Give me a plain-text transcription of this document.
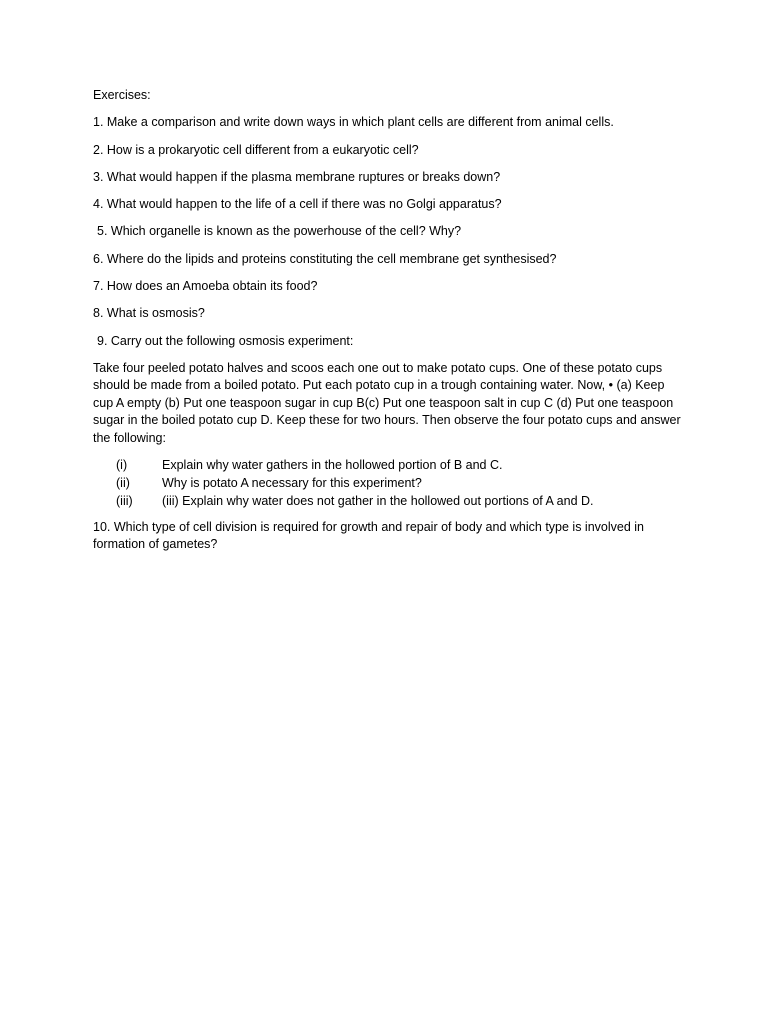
Exercises:

1. Make a comparison and write down ways in which plant cells are different from animal cells.

2. How is a prokaryotic cell different from a eukaryotic cell?

3. What would happen if the plasma membrane ruptures or breaks down?

4. What would happen to the life of a cell if there was no Golgi apparatus?

5. Which organelle is known as the powerhouse of the cell? Why?

6. Where do the lipids and proteins constituting the cell membrane get synthesised?

7. How does an Amoeba obtain its food?

8. What is osmosis?

9. Carry out the following osmosis experiment:

Take four peeled potato halves and scoos each one out to make potato cups. One of these potato cups should be made from a boiled potato. Put each potato cup in a trough containing water. Now, • (a) Keep cup A empty (b) Put one teaspoon sugar in cup B(c) Put one teaspoon salt in cup C (d) Put one teaspoon sugar in the boiled potato cup D. Keep these for two hours. Then observe the four potato cups and answer the following:

(i)	Explain why water gathers in the hollowed portion of B and C.
(ii)	Why is potato A necessary for this experiment?
(iii)	(iii) Explain why water does not gather in the hollowed out portions of A and D.

10. Which type of cell division is required for growth and repair of body and which type is involved in formation of gametes?
